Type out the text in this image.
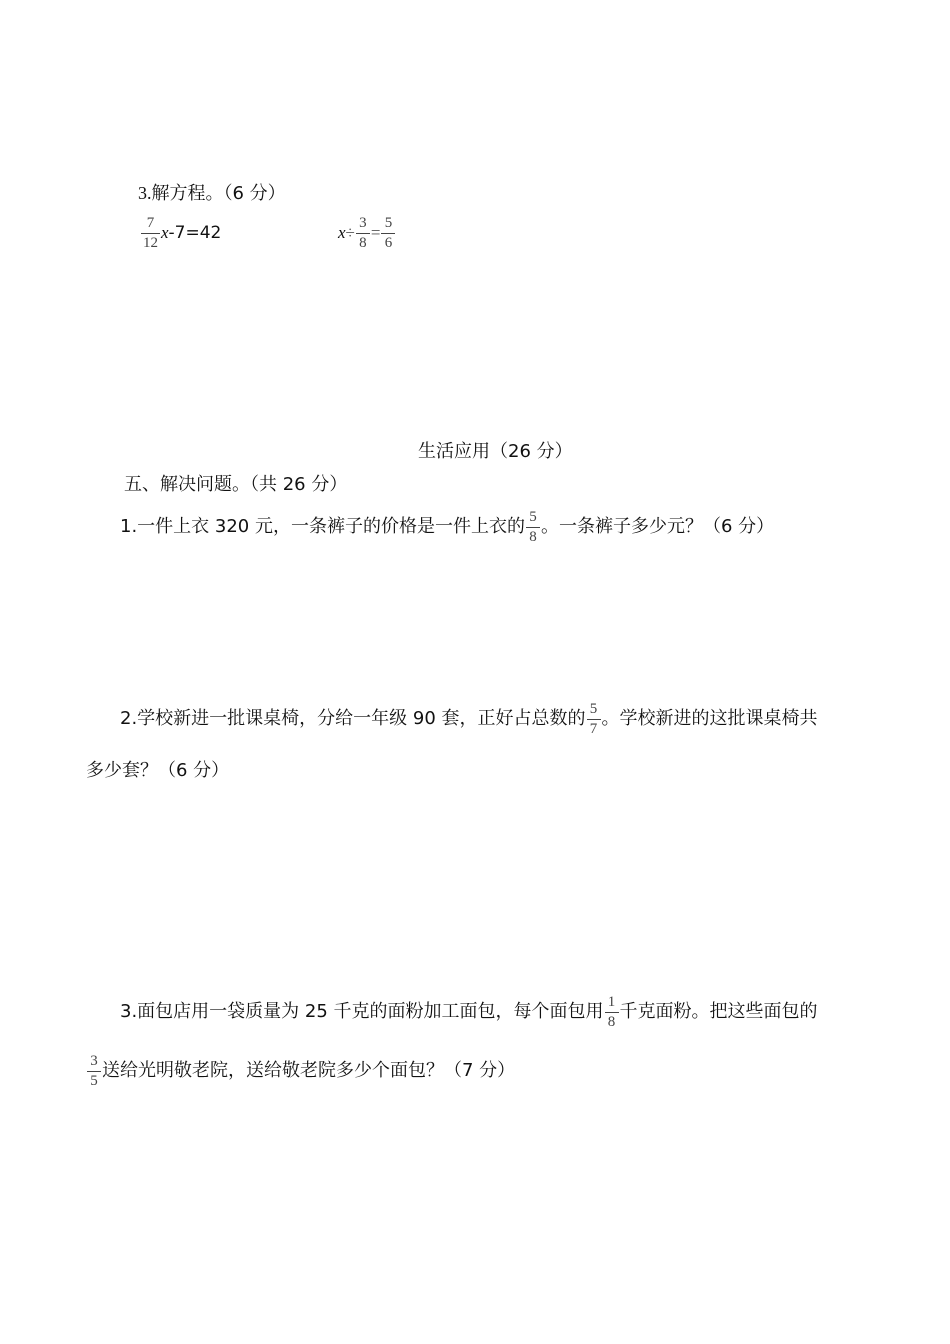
3.解方程。（6 分）
$\frac{7}{12}$ x -7=42	$x \div \frac{3}{8} = \frac{5}{6}$
生活应用（26 分）
五、解决问题。（共 26 分）
1.一件上衣 320 元，一条裤子的价格是一件上衣的 $\frac{5}{8}$ 。一条裤子多少元？（6 分）
2.学校新进一批课桌椅，分给一年级 90 套，正好占总数的 $\frac{5}{7}$ 。学校新进的这批课桌椅共
多少套？（6 分）
3.面包店用一袋质量为 25 千克的面粉加工面包，每个面包用 $\frac{1}{8}$ 千克面粉。把这些面包的
$\frac{3}{5}$ 送给光明敬老院，送给敬老院多少个面包？（7 分）
